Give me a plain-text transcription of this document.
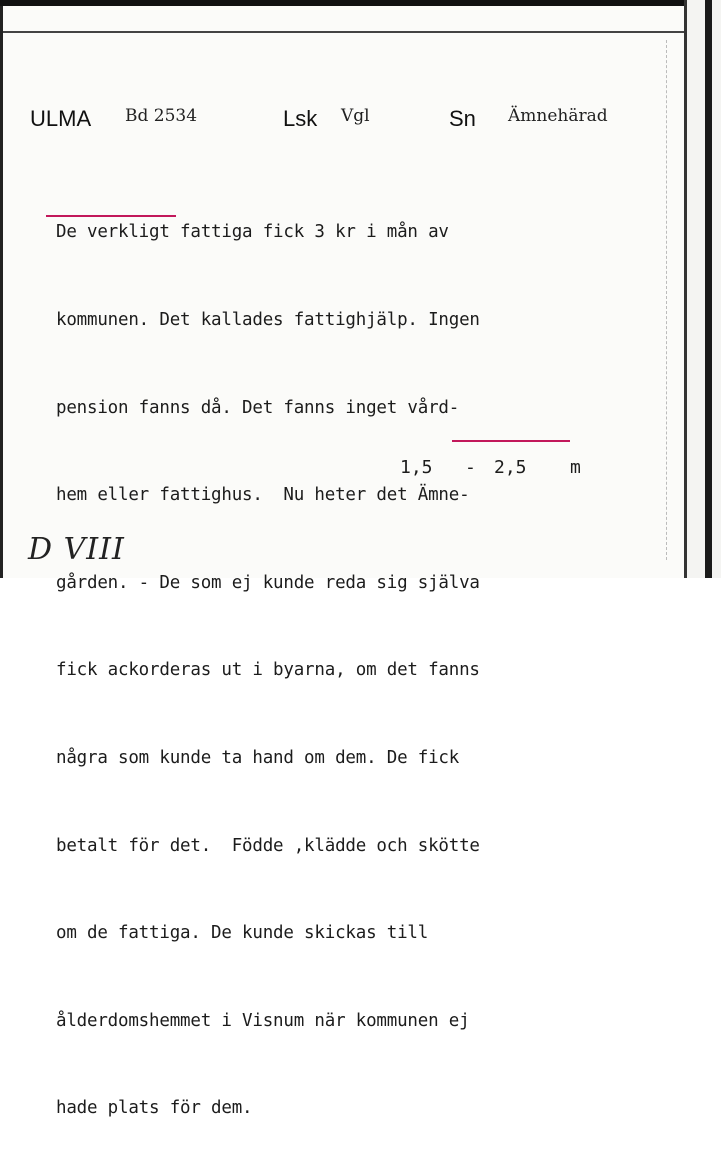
ULMA Bd 2534	Lsk Vgl	Sn Ämnehärad

De verkligt fattiga fick 3 kr i mån av

kommunen. Det kallades fattighjälp. Ingen

pension fanns då. Det fanns inget vård-

hem eller fattighus.  Nu heter det Ämne-

gården. - De som ej kunde reda sig själva

fick ackorderas ut i byarna, om det fanns

några som kunde ta hand om dem. De fick

betalt för det.  Födde ,klädde och skötte

om de fattiga. De kunde skickas till

ålderdomshemmet i Visnum när kommunen ej

hade plats för dem.

1,5 - 2,5 m
D VIII
